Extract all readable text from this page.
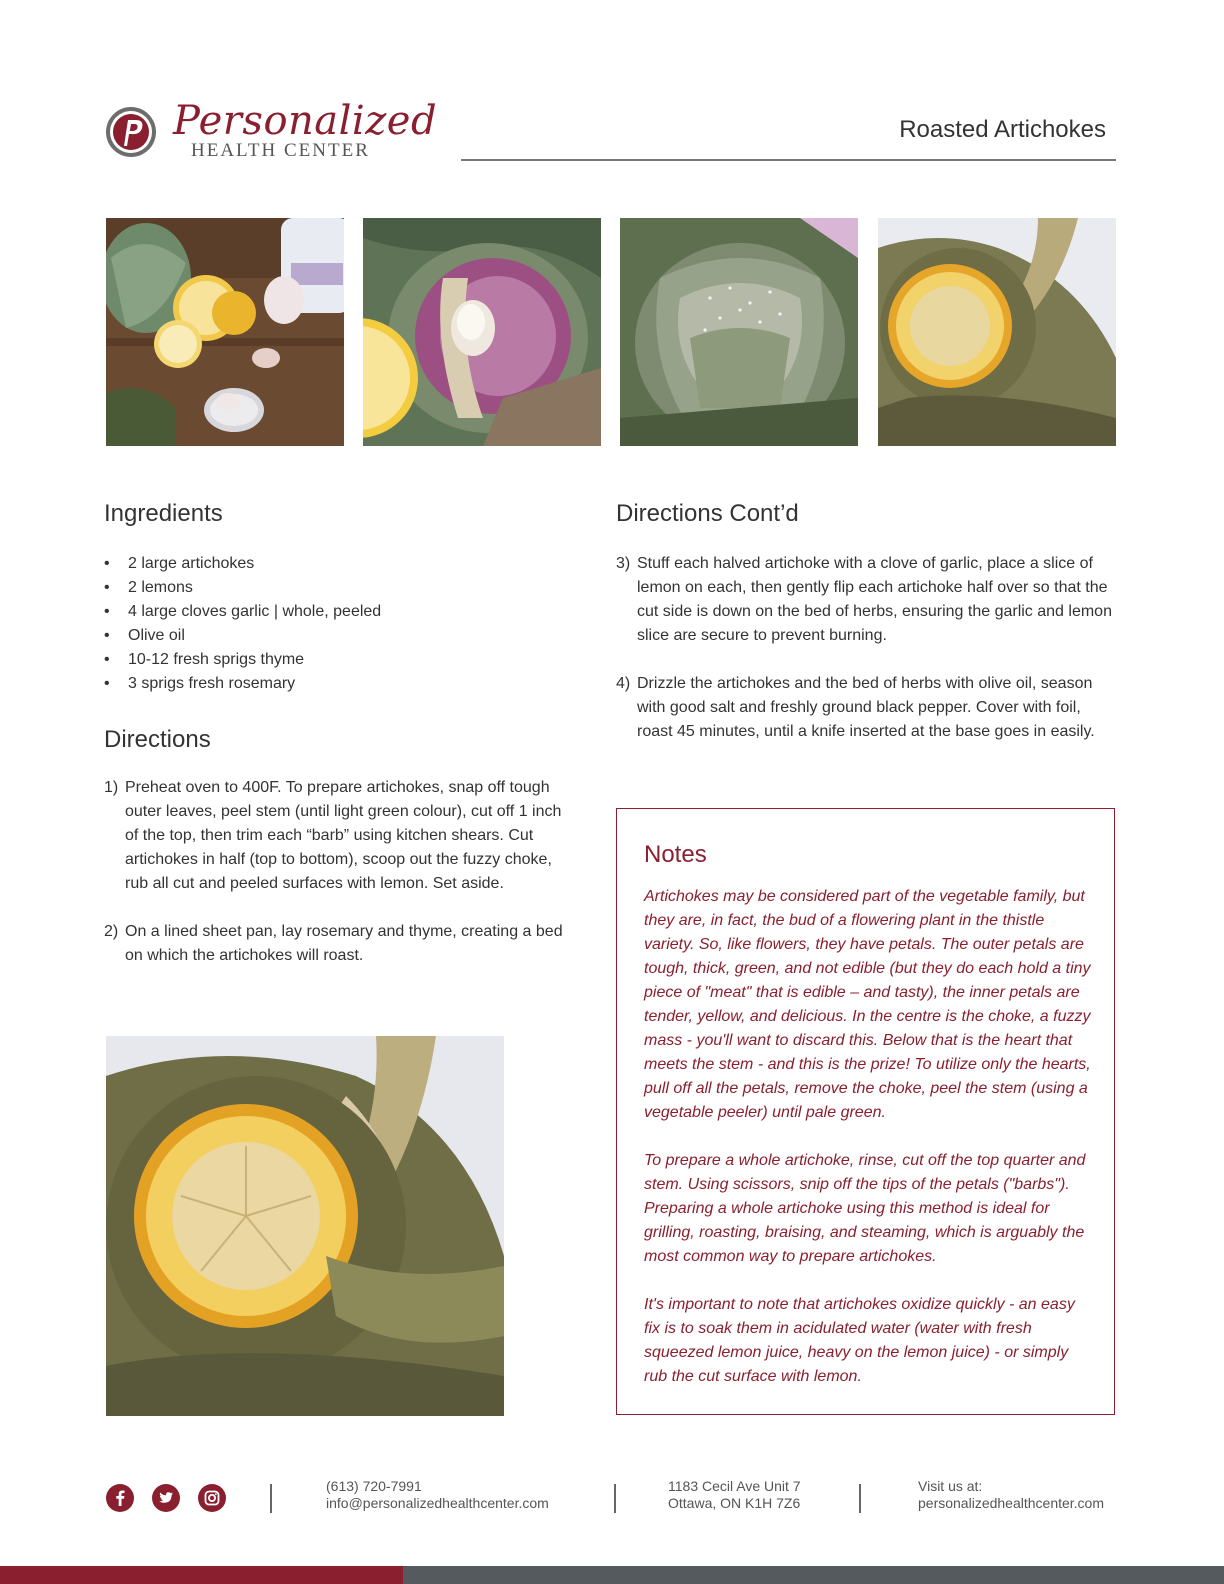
Personalized
HEALTH CENTER
Roasted Artichokes
Ingredients
• 2 large artichokes
• 2 lemons
• 4 large cloves garlic | whole, peeled
• Olive oil
• 10-12 fresh sprigs thyme
• 3 sprigs fresh rosemary
Directions
1) Preheat oven to 400F. To prepare artichokes, snap off tough outer leaves, peel stem (until light green colour), cut off 1 inch of the top, then trim each “barb” using kitchen shears. Cut artichokes in half (top to bottom), scoop out the fuzzy choke, rub all cut and peeled surfaces with lemon. Set aside.
2) On a lined sheet pan, lay rosemary and thyme, creating a bed on which the artichokes will roast.
Directions Cont’d
3) Stuff each halved artichoke with a clove of garlic, place a slice of lemon on each, then gently flip each artichoke half over so that the cut side is down on the bed of herbs, ensuring the garlic and lemon slice are secure to prevent burning.
4) Drizzle the artichokes and the bed of herbs with olive oil, season with good salt and freshly ground black pepper. Cover with foil, roast 45 minutes, until a knife inserted at the base goes in easily.
Notes

Artichokes may be considered part of the vegetable family, but they are, in fact, the bud of a flowering plant in the thistle variety. So, like flowers, they have petals. The outer petals are tough, thick, green, and not edible (but they do each hold a tiny piece of "meat" that is edible – and tasty), the inner petals are tender, yellow, and delicious. In the centre is the choke, a fuzzy mass - you'll want to discard this. Below that is the heart that meets the stem - and this is the prize! To utilize only the hearts, pull off all the petals, remove the choke, peel the stem (using a vegetable peeler) until pale green.

To prepare a whole artichoke, rinse, cut off the top quarter and stem. Using scissors, snip off the tips of the petals ("barbs"). Preparing a whole artichoke using this method is ideal for grilling, roasting, braising, and steaming, which is arguably the most common way to prepare artichokes.

It's important to note that artichokes oxidize quickly - an easy fix is to soak them in acidulated water (water with fresh squeezed lemon juice, heavy on the lemon juice) - or simply rub the cut surface with lemon.

(613) 720-7991
info@personalizedhealthcenter.com
1183 Cecil Ave Unit 7
Ottawa, ON K1H 7Z6
Visit us at:
personalizedhealthcenter.com
